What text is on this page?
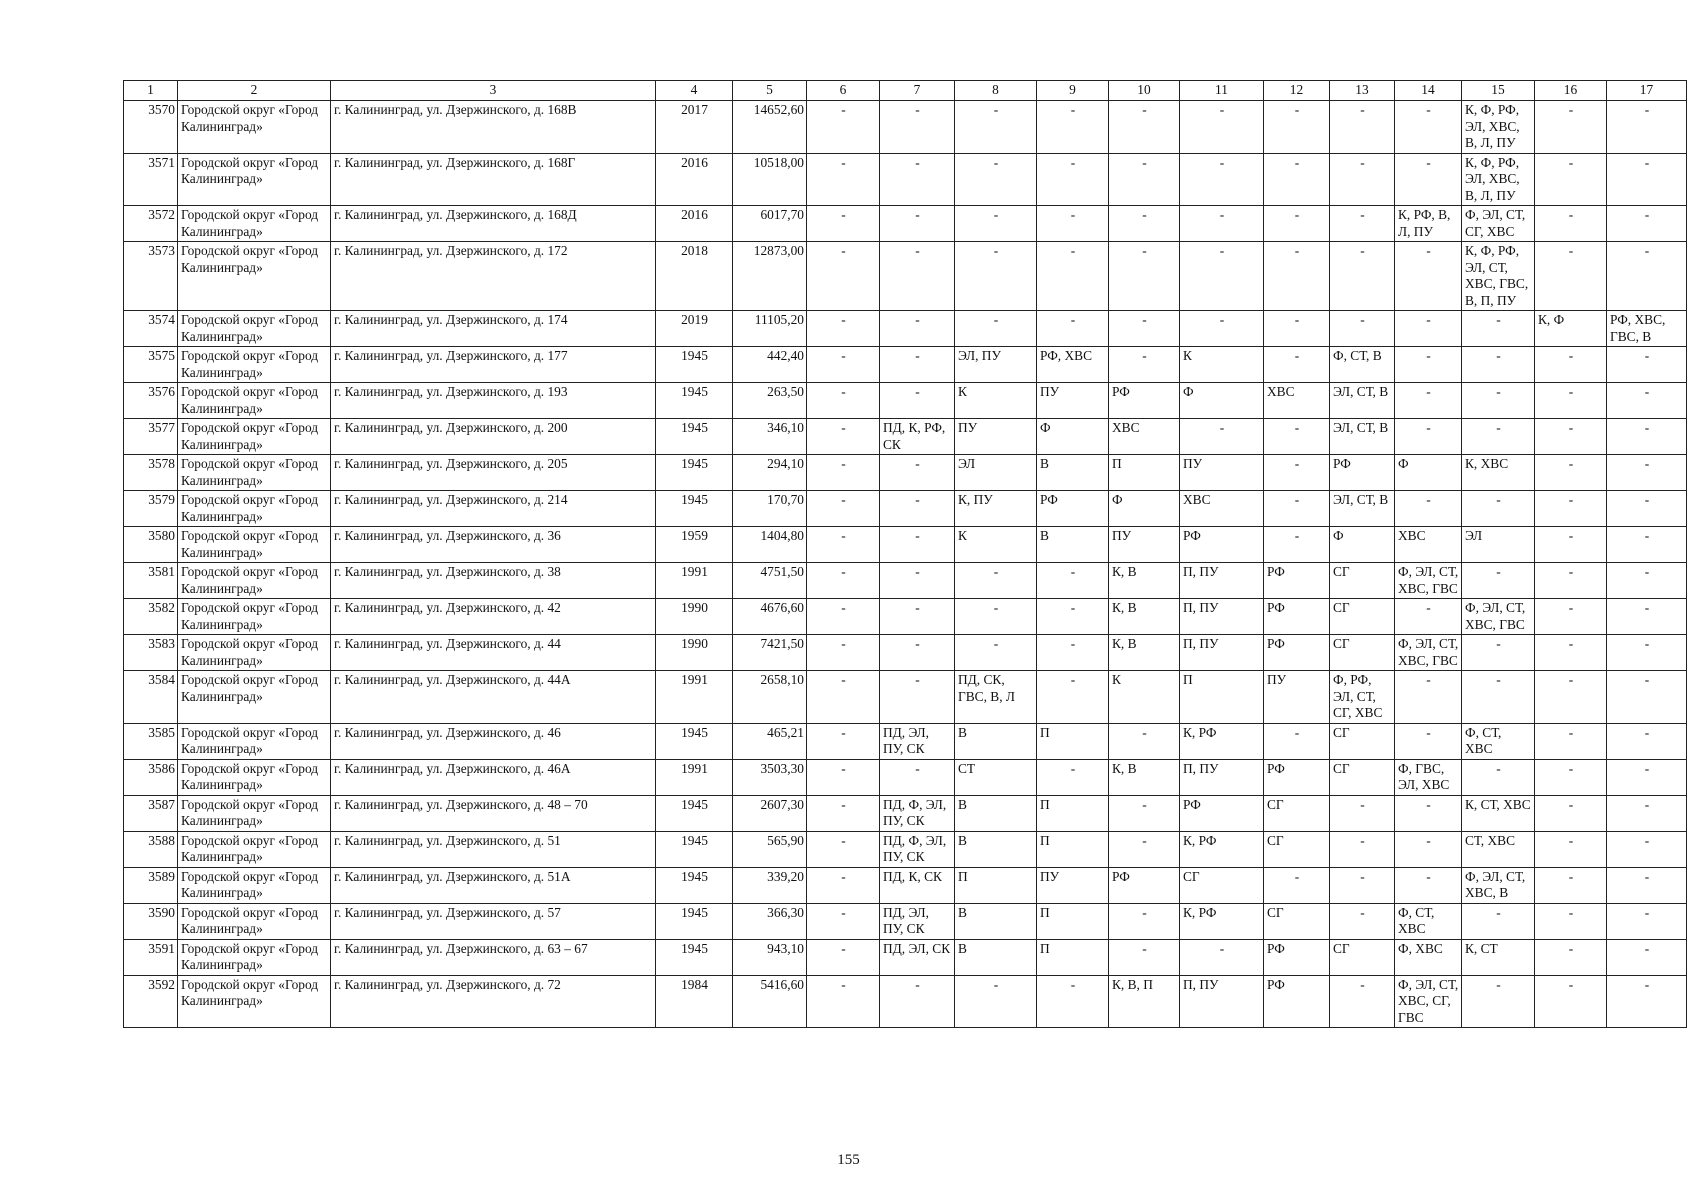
1	2	3	4	5	6	7	8	9	10	11	12	13	14	15	16	17
3570	Городской округ «Город Калининград»	г. Калининград, ул. Дзержинского, д. 168В	2017	14652,60	-	-	-	-	-	-	-	-	-	К, Ф, РФ, ЭЛ, ХВС, В, Л, ПУ	-	-
3571	Городской округ «Город Калининград»	г. Калининград, ул. Дзержинского, д. 168Г	2016	10518,00	-	-	-	-	-	-	-	-	-	К, Ф, РФ, ЭЛ, ХВС, В, Л, ПУ	-	-
3572	Городской округ «Город Калининград»	г. Калининград, ул. Дзержинского, д. 168Д	2016	6017,70	-	-	-	-	-	-	-	-	К, РФ, В, Л, ПУ	Ф, ЭЛ, СТ, СГ, ХВС	-	-
3573	Городской округ «Город Калининград»	г. Калининград, ул. Дзержинского, д. 172	2018	12873,00	-	-	-	-	-	-	-	-	-	К, Ф, РФ, ЭЛ, СТ, ХВС, ГВС, В, П, ПУ	-	-
3574	Городской округ «Город Калининград»	г. Калининград, ул. Дзержинского, д. 174	2019	11105,20	-	-	-	-	-	-	-	-	-	-	К, Ф	РФ, ХВС, ГВС, В
3575	Городской округ «Город Калининград»	г. Калининград, ул. Дзержинского, д. 177	1945	442,40	-	-	ЭЛ, ПУ	РФ, ХВС	-	К	-	Ф, СТ, В	-	-	-	-
3576	Городской округ «Город Калининград»	г. Калининград, ул. Дзержинского, д. 193	1945	263,50	-	-	К	ПУ	РФ	Ф	ХВС	ЭЛ, СТ, В	-	-	-	-
3577	Городской округ «Город Калининград»	г. Калининград, ул. Дзержинского, д. 200	1945	346,10	-	ПД, К, РФ, СК	ПУ	Ф	ХВС	-	-	ЭЛ, СТ, В	-	-	-	-
3578	Городской округ «Город Калининград»	г. Калининград, ул. Дзержинского, д. 205	1945	294,10	-	-	ЭЛ	В	П	ПУ	-	РФ	Ф	К, ХВС	-	-
3579	Городской округ «Город Калининград»	г. Калининград, ул. Дзержинского, д. 214	1945	170,70	-	-	К, ПУ	РФ	Ф	ХВС	-	ЭЛ, СТ, В	-	-	-	-
3580	Городской округ «Город Калининград»	г. Калининград, ул. Дзержинского, д. 36	1959	1404,80	-	-	К	В	ПУ	РФ	-	Ф	ХВС	ЭЛ	-	-
3581	Городской округ «Город Калининград»	г. Калининград, ул. Дзержинского, д. 38	1991	4751,50	-	-	-	-	К, В	П, ПУ	РФ	СГ	Ф, ЭЛ, СТ, ХВС, ГВС	-	-	-
3582	Городской округ «Город Калининград»	г. Калининград, ул. Дзержинского, д. 42	1990	4676,60	-	-	-	-	К, В	П, ПУ	РФ	СГ	-	Ф, ЭЛ, СТ, ХВС, ГВС	-	-
3583	Городской округ «Город Калининград»	г. Калининград, ул. Дзержинского, д. 44	1990	7421,50	-	-	-	-	К, В	П, ПУ	РФ	СГ	Ф, ЭЛ, СТ, ХВС, ГВС	-	-	-
3584	Городской округ «Город Калининград»	г. Калининград, ул. Дзержинского, д. 44А	1991	2658,10	-	-	ПД, СК, ГВС, В, Л	-	К	П	ПУ	Ф, РФ, ЭЛ, СТ, СГ, ХВС	-	-	-	-
3585	Городской округ «Город Калининград»	г. Калининград, ул. Дзержинского, д. 46	1945	465,21	-	ПД, ЭЛ, ПУ, СК	В	П	-	К, РФ	-	СГ	-	Ф, СТ, ХВС	-	-
3586	Городской округ «Город Калининград»	г. Калининград, ул. Дзержинского, д. 46А	1991	3503,30	-	-	СТ	-	К, В	П, ПУ	РФ	СГ	Ф, ГВС, ЭЛ, ХВС	-	-	-
3587	Городской округ «Город Калининград»	г. Калининград, ул. Дзержинского, д. 48 – 70	1945	2607,30	-	ПД, Ф, ЭЛ, ПУ, СК	В	П	-	РФ	СГ	-	-	К, СТ, ХВС	-	-
3588	Городской округ «Город Калининград»	г. Калининград, ул. Дзержинского, д. 51	1945	565,90	-	ПД, Ф, ЭЛ, ПУ, СК	В	П	-	К, РФ	СГ	-	-	СТ, ХВС	-	-
3589	Городской округ «Город Калининград»	г. Калининград, ул. Дзержинского, д. 51А	1945	339,20	-	ПД, К, СК	П	ПУ	РФ	СГ	-	-	-	Ф, ЭЛ, СТ, ХВС, В	-	-
3590	Городской округ «Город Калининград»	г. Калининград, ул. Дзержинского, д. 57	1945	366,30	-	ПД, ЭЛ, ПУ, СК	В	П	-	К, РФ	СГ	-	Ф, СТ, ХВС	-	-	-
3591	Городской округ «Город Калининград»	г. Калининград, ул. Дзержинского, д. 63 – 67	1945	943,10	-	ПД, ЭЛ, СК	В	П	-	-	РФ	СГ	Ф, ХВС	К, СТ	-	-
3592	Городской округ «Город Калининград»	г. Калининград, ул. Дзержинского, д. 72	1984	5416,60	-	-	-	-	К, В, П	П, ПУ	РФ	-	Ф, ЭЛ, СТ, ХВС, СГ, ГВС	-	-	-
155
